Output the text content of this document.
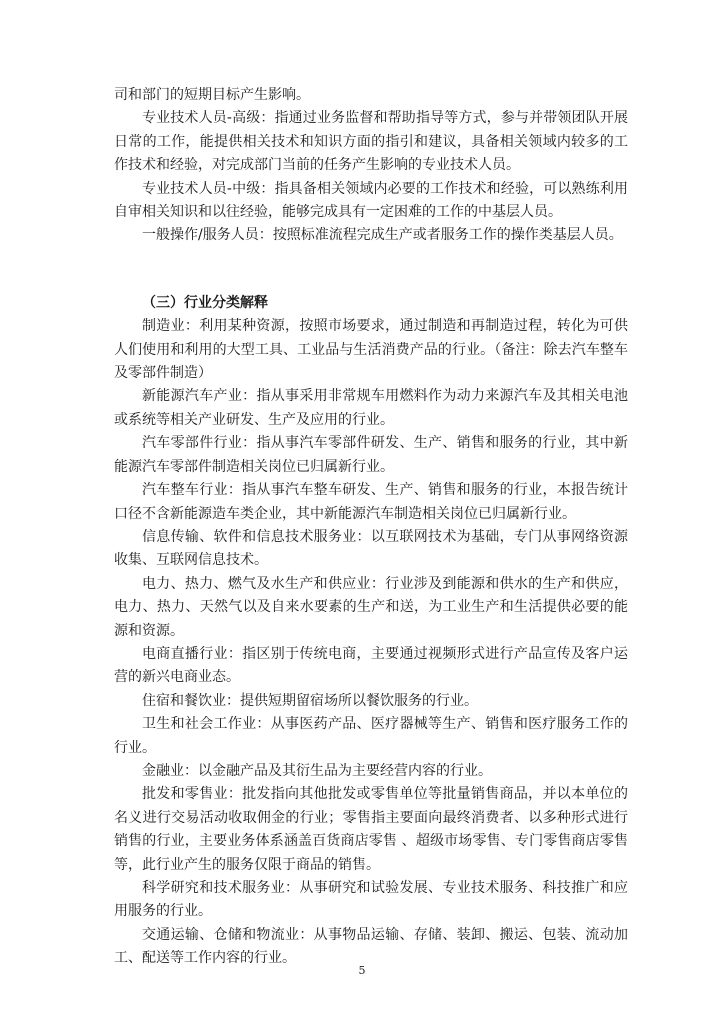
司和部门的短期目标产生影响。

专业技术人员-高级：指通过业务监督和帮助指导等方式，参与并带领团队开展日常的工作，能提供相关技术和知识方面的指引和建议，具备相关领域内较多的工作技术和经验，对完成部门当前的任务产生影响的专业技术人员。

专业技术人员-中级：指具备相关领域内必要的工作技术和经验，可以熟练利用自审相关知识和以往经验，能够完成具有一定困难的工作的中基层人员。

一般操作/服务人员：按照标准流程完成生产或者服务工作的操作类基层人员。

（三）行业分类解释

制造业：利用某种资源，按照市场要求，通过制造和再制造过程，转化为可供人们使用和利用的大型工具、工业品与生活消费产品的行业。（备注：除去汽车整车及零部件制造）

新能源汽车产业：指从事采用非常规车用燃料作为动力来源汽车及其相关电池或系统等相关产业研发、生产及应用的行业。

汽车零部件行业：指从事汽车零部件研发、生产、销售和服务的行业，其中新能源汽车零部件制造相关岗位已归属新行业。

汽车整车行业：指从事汽车整车研发、生产、销售和服务的行业，本报告统计口径不含新能源造车类企业，其中新能源汽车制造相关岗位已归属新行业。

信息传输、软件和信息技术服务业：以互联网技术为基础，专门从事网络资源收集、互联网信息技术。

电力、热力、燃气及水生产和供应业：行业涉及到能源和供水的生产和供应，电力、热力、天然气以及自来水要素的生产和送，为工业生产和生活提供必要的能源和资源。

电商直播行业：指区别于传统电商，主要通过视频形式进行产品宣传及客户运营的新兴电商业态。

住宿和餐饮业：提供短期留宿场所以餐饮服务的行业。

卫生和社会工作业：从事医药产品、医疗器械等生产、销售和医疗服务工作的行业。

金融业：以金融产品及其衍生品为主要经营内容的行业。

批发和零售业：批发指向其他批发或零售单位等批量销售商品，并以本单位的名义进行交易活动收取佣金的行业；零售指主要面向最终消费者、以多种形式进行销售的行业，主要业务体系涵盖百货商店零售 、超级市场零售、专门零售商店零售等，此行业产生的服务仅限于商品的销售。

科学研究和技术服务业：从事研究和试验发展、专业技术服务、科技推广和应用服务的行业。

交通运输、仓储和物流业：从事物品运输、存储、装卸、搬运、包装、流动加工、配送等工作内容的行业。

5
